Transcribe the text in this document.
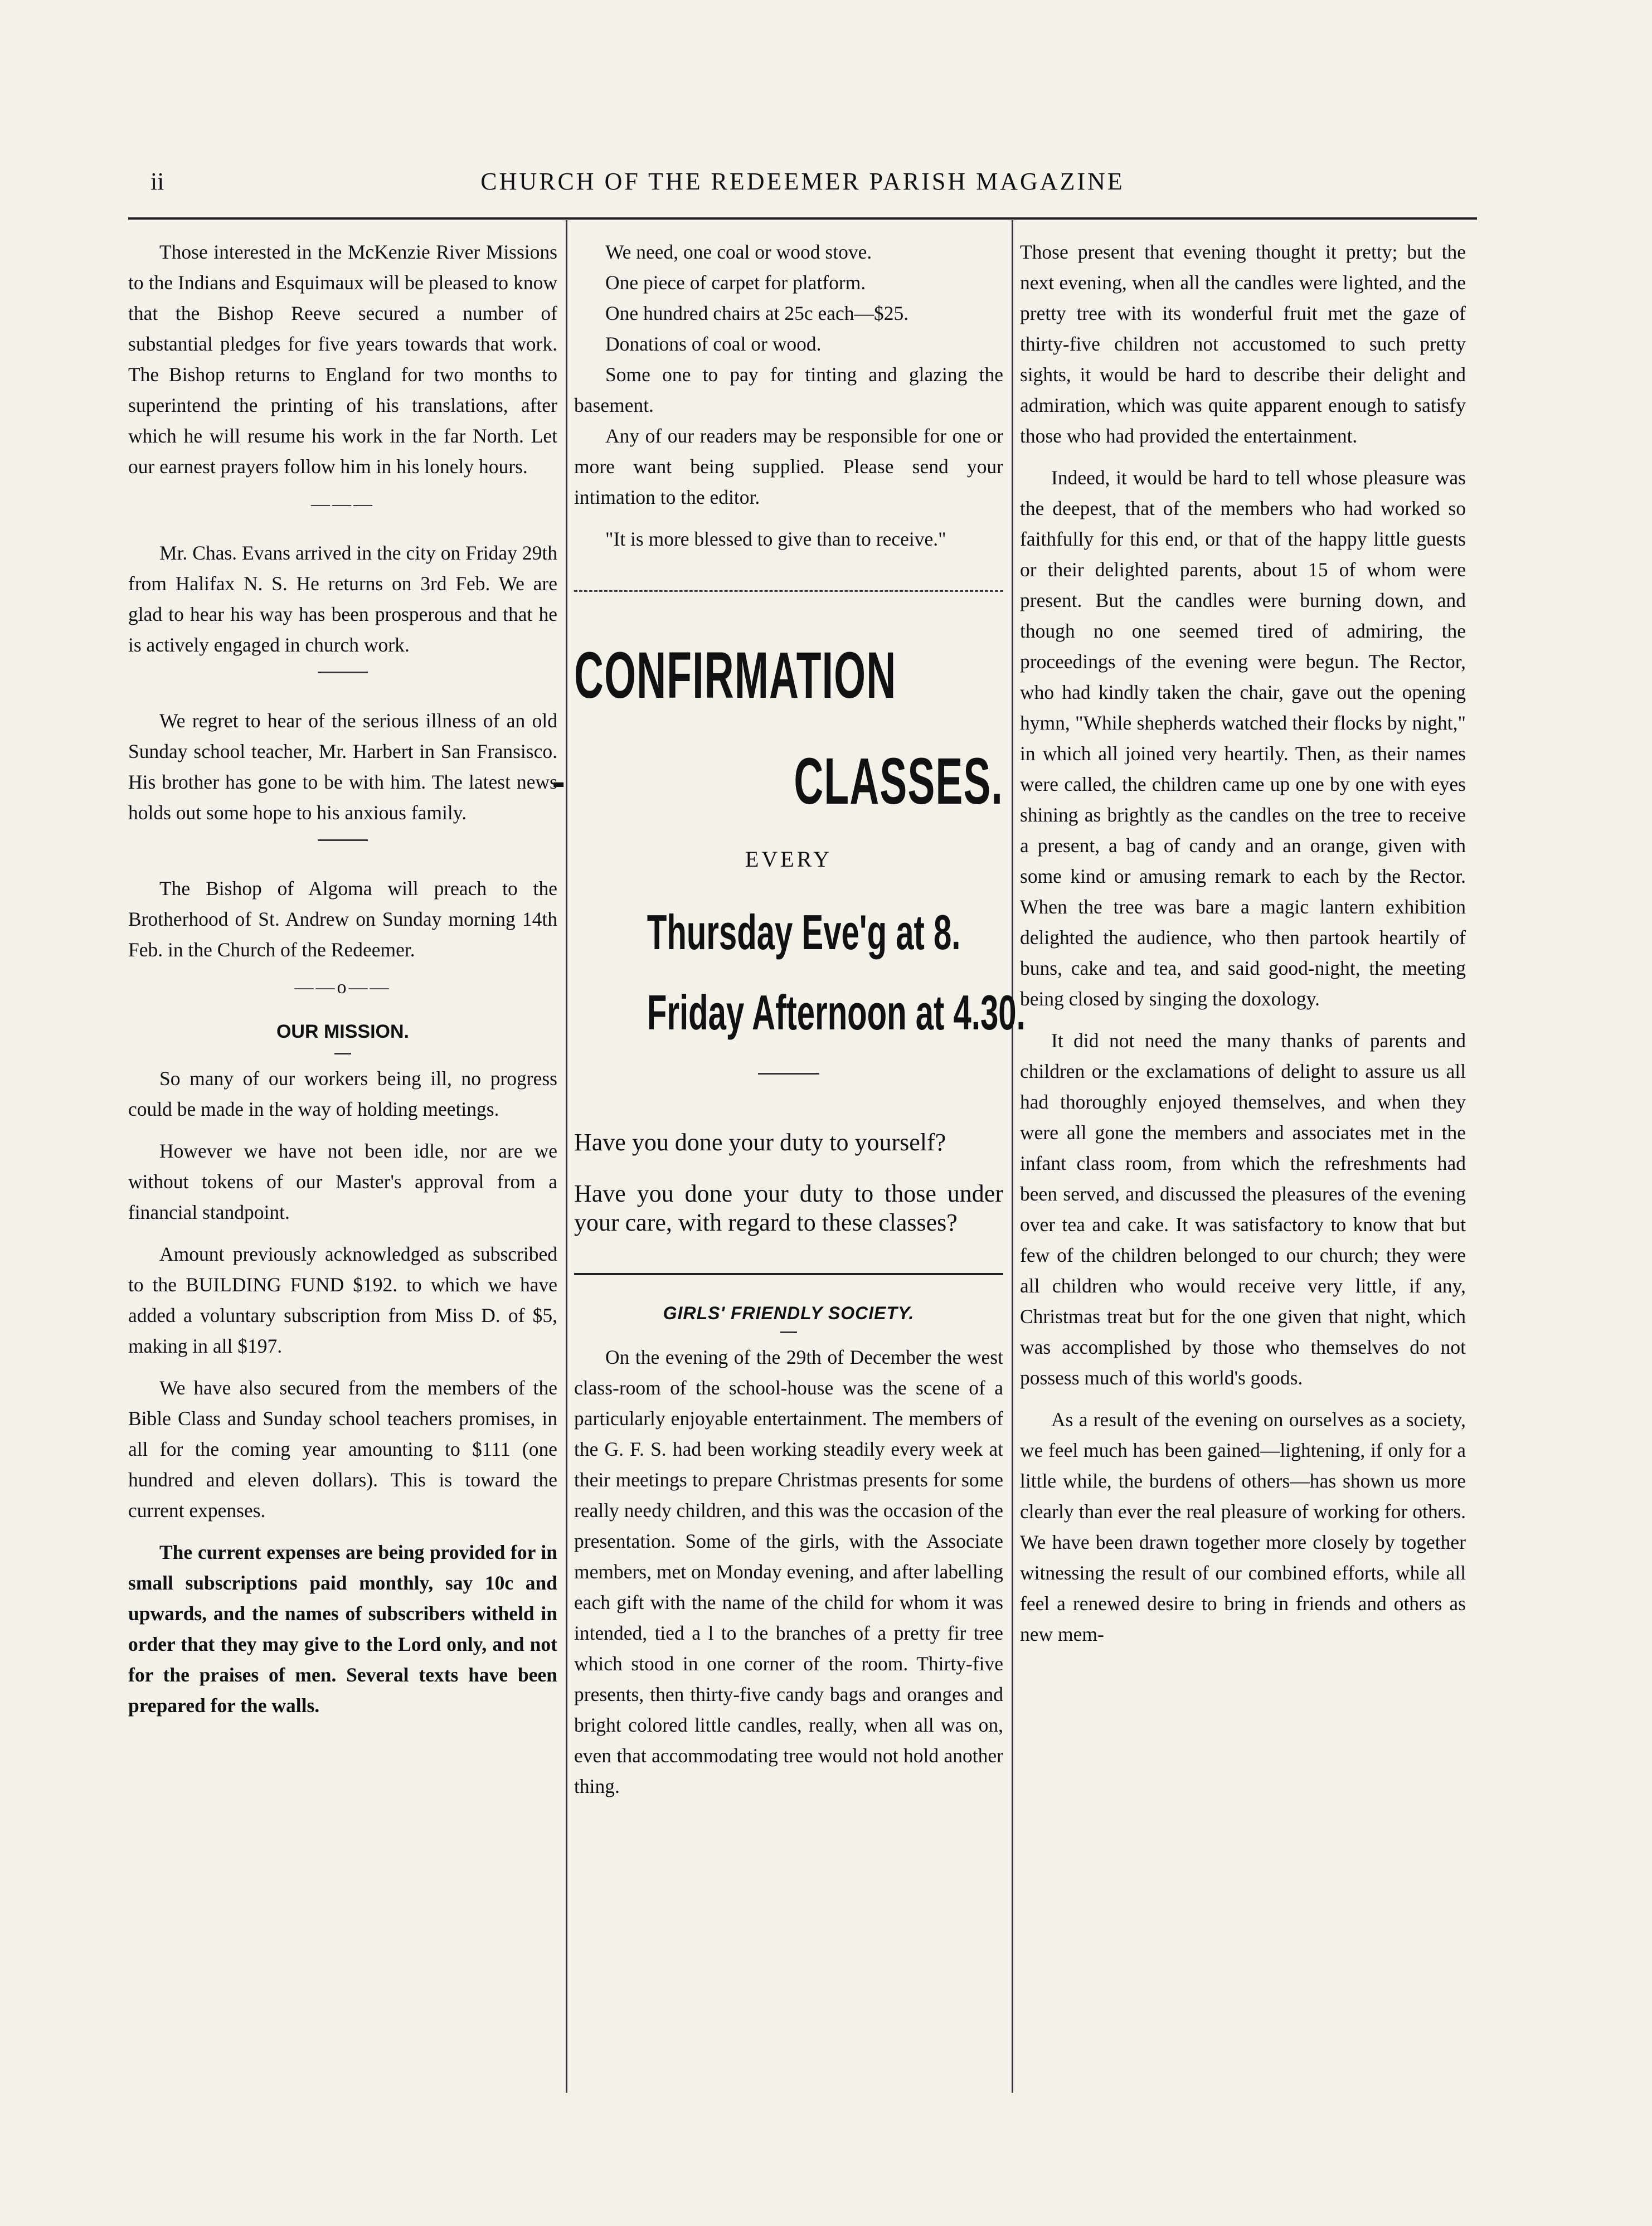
ii	CHURCH OF THE REDEEMER PARISH MAGAZINE

Those interested in the McKenzie River Missions to the Indians and Esquimaux will be pleased to know that the Bishop Reeve secured a number of substantial pledges for five years towards that work. The Bishop returns to England for two months to superintend the printing of his translations, after which he will resume his work in the far North. Let our earnest prayers follow him in his lonely hours.

———

Mr. Chas. Evans arrived in the city on Friday 29th from Halifax N. S. He returns on 3rd Feb. We are glad to hear his way has been prosperous and that he is actively engaged in church work.

We regret to hear of the serious illness of an old Sunday school teacher, Mr. Harbert in San Fransisco. His brother has gone to be with him. The latest news holds out some hope to his anxious family.

The Bishop of Algoma will preach to the Brotherhood of St. Andrew on Sunday morning 14th Feb. in the Church of the Redeemer.

——o——
OUR MISSION.

So many of our workers being ill, no progress could be made in the way of holding meetings.

However we have not been idle, nor are we without tokens of our Master's approval from a financial standpoint.

Amount previously acknowledged as subscribed to the BUILDING FUND $192. to which we have added a voluntary subscription from Miss D. of $5, making in all $197.

We have also secured from the members of the Bible Class and Sunday school teachers promises, in all for the coming year amounting to $111 (one hundred and eleven dollars). This is toward the current expenses.

The current expenses are being provided for in small subscriptions paid monthly, say 10c and upwards, and the names of subscribers witheld in order that they may give to the Lord only, and not for the praises of men. Several texts have been prepared for the walls.

We need, one coal or wood stove.

One piece of carpet for platform.

One hundred chairs at 25c each—$25.

Donations of coal or wood.

Some one to pay for tinting and glazing the basement.

Any of our readers may be responsible for one or more want being supplied. Please send your intimation to the editor.

"It is more blessed to give than to receive."

CONFIRMATION
-	CLASSES.
EVERY
Thursday Eve'g at 8.
Friday Afternoon at 4.30.
Have you done your duty to yourself?
Have you done your duty to those under your care, with regard to these classes?
GIRLS' FRIENDLY SOCIETY.

On the evening of the 29th of December the west class-room of the school-house was the scene of a particularly enjoyable entertainment. The members of the G. F. S. had been working steadily every week at their meetings to prepare Christmas presents for some really needy children, and this was the occasion of the presentation. Some of the girls, with the Associate members, met on Monday evening, and after labelling each gift with the name of the child for whom it was intended, tied a l to the branches of a pretty fir tree which stood in one corner of the room. Thirty-five presents, then thirty-five candy bags and oranges and bright colored little candles, really, when all was on, even that accommodating tree would not hold another thing.

Those present that evening thought it pretty; but the next evening, when all the candles were lighted, and the pretty tree with its wonderful fruit met the gaze of thirty-five children not accustomed to such pretty sights, it would be hard to describe their delight and admiration, which was quite apparent enough to satisfy those who had provided the entertainment.

Indeed, it would be hard to tell whose pleasure was the deepest, that of the members who had worked so faithfully for this end, or that of the happy little guests or their delighted parents, about 15 of whom were present. But the candles were burning down, and though no one seemed tired of admiring, the proceedings of the evening were begun. The Rector, who had kindly taken the chair, gave out the opening hymn, "While shepherds watched their flocks by night," in which all joined very heartily. Then, as their names were called, the children came up one by one with eyes shining as brightly as the candles on the tree to receive a present, a bag of candy and an orange, given with some kind or amusing remark to each by the Rector. When the tree was bare a magic lantern exhibition delighted the audience, who then partook heartily of buns, cake and tea, and said good-night, the meeting being closed by singing the doxology.

It did not need the many thanks of parents and children or the exclamations of delight to assure us all had thoroughly enjoyed themselves, and when they were all gone the members and associates met in the infant class room, from which the refreshments had been served, and discussed the pleasures of the evening over tea and cake. It was satisfactory to know that but few of the children belonged to our church; they were all children who would receive very little, if any, Christmas treat but for the one given that night, which was accomplished by those who themselves do not possess much of this world's goods.

As a result of the evening on ourselves as a society, we feel much has been gained—lightening, if only for a little while, the burdens of others—has shown us more clearly than ever the real pleasure of working for others. We have been drawn together more closely by together witnessing the result of our combined efforts, while all feel a renewed desire to bring in friends and others as new mem-
